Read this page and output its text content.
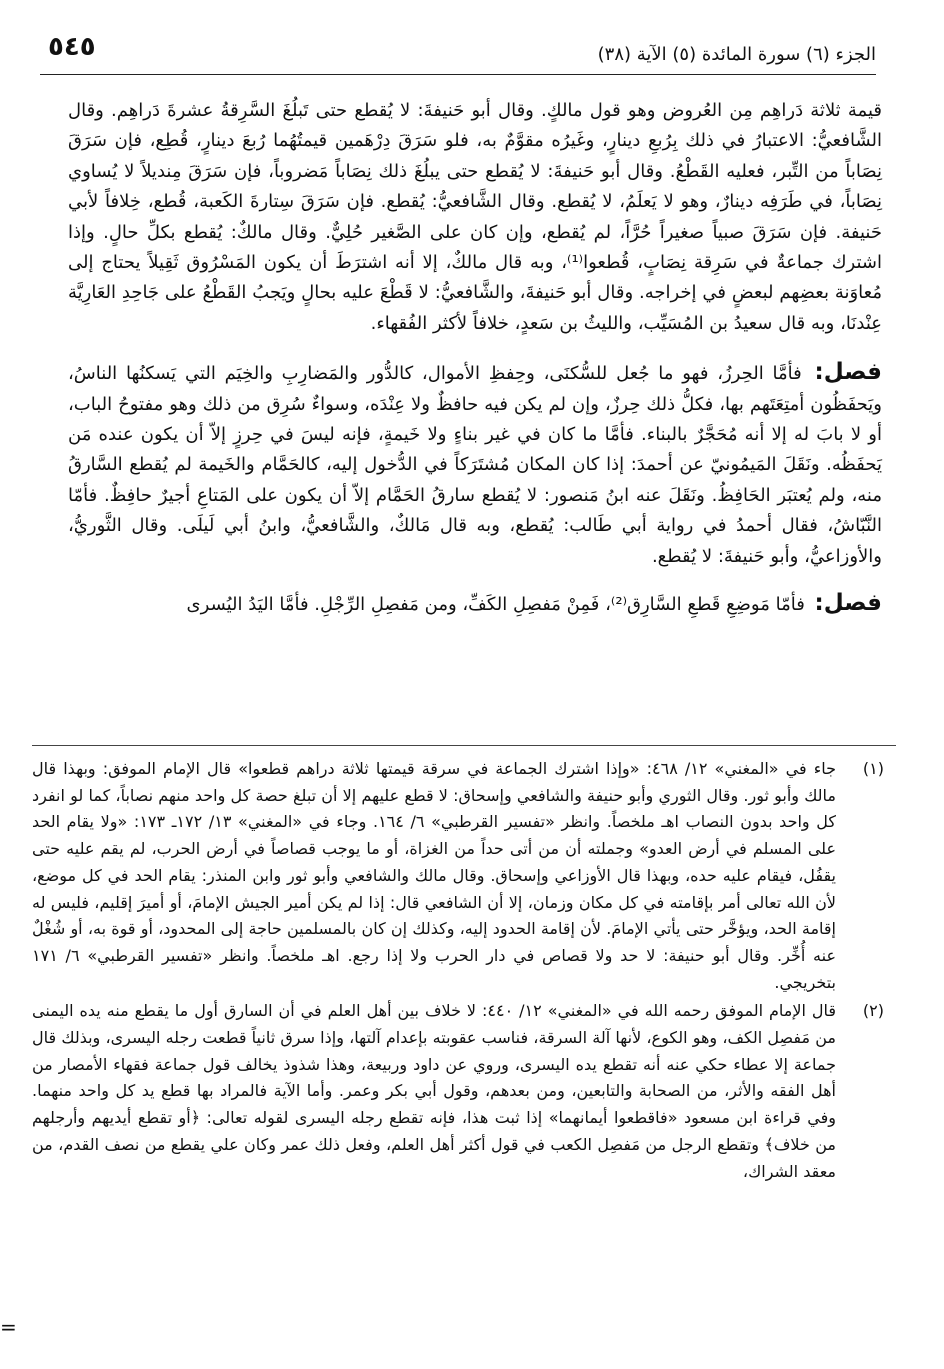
٥٤٥	الجزء (٦) سورة المائدة (٥) الآية (٣٨)

قيمة ثلاثة دَراهِم مِن العُروض وهو قول مالكٍ. وقال أبو حَنيفةَ: لا يُقطع حتى تَبلُغَ السَّرِقةُ عشرةَ دَراهِم. وقال الشَّافعيُّ: الاعتبارُ في ذلك بِرُبعِ دينارٍ، وغَيرُه مقوَّمٌ به، فلو سَرَقَ دِرْهَمين قيمتُهُما رُبعَ دينارٍ، قُطِع، فإن سَرَقَ نِصَاباً من التِّبر، فعليه القَطْعُ. وقال أبو حَنيفةَ: لا يُقطع حتى يبلُغَ ذلك نِصَاباً مَضروباً، فإن سَرَقَ مِنديلاً لا يُساوي نِصَاباً، في طَرَفِه دينارٌ، وهو لا يَعلَمُ، لا يُقطع. وقال الشَّافعيُّ: يُقطع. فإن سَرَقَ سِتارةَ الكَعبة، قُطع، خِلافاً لأبي حَنيفة. فإن سَرَقَ صبياً صغيراً حُرَّاً، لم يُقطع، وإن كان على الصَّغير حُلِيٌّ. وقال مالكٌ: يُقطع بكلِّ حالٍ. وإذا اشترك جماعةٌ في سَرِقة نِصَابٍ، قُطعوا⁽¹⁾، وبه قال مالكٌ، إلا أنه اشترَطَ أن يكون المَسْرُوق ثَقِيلاً يحتاج إلى مُعاوَنة بعضِهم لبعضٍ في إخراجه. وقال أبو حَنيفةَ، والشَّافعيُّ: لا قَطْعَ عليه بحالٍ ويَجبُ القَطْعُ على جَاحِدِ العَارِيَّة عِنْدنَا، وبه قال سعيدُ بن المُسَيِّب، والليثُ بن سَعدٍ، خلافاً لأكثر الفُقهاء.

فصل: فأمَّا الحِرزُ، فهو ما جُعل للسُّكنَى، وحِفظِ الأموال، كالدُّور والمَضارِبِ والخِيَم التي يَسكنُها الناسُ، ويَحفَظُون أمتِعَتَهم بها، فكلُّ ذلك حِرزٌ، وإن لم يكن فيه حافظٌ ولا عِنْدَه، وسواءٌ سُرِق من ذلك وهو مفتوحُ الباب، أو لا بابَ له إلا أنه مُحَجَّرٌ بالبناء. فأمَّا ما كان في غير بناءٍ ولا خَيمةٍ، فإنه ليسَ في حِرزٍ إلاّ أن يكون عنده مَن يَحفَظُه. ونَقَلَ المَيمُونيّ عن أحمدَ: إذا كان المكان مُشتَرَكاً في الدُّخول إليه، كالحَمَّام والخَيمة لم يُقطع السَّارقُ منه، ولم يُعتبَر الحَافِظُ. ونَقَلَ عنه ابنُ مَنصور: لا يُقطع سارقُ الحَمَّام إلاّ أن يكون على المَتاعِ أجيرٌ حافِظٌ. فأمّا النَّبّاشُ، فقال أحمدُ في رواية أبي طَالب: يُقطع، وبه قال مَالكٌ، والشَّافعيُّ، وابنُ أبي لَيلَى. وقال الثَّوريُّ، والأوزاعيُّ، وأبو حَنيفةَ: لا يُقطع.

فصل: فأمّا مَوضِعِ قَطعِ السَّارِق⁽²⁾، فَمِنْ مَفصِلِ الكَفِّ، ومن مَفصِلِ الرِّجْلِ. فأمَّا اليَدُ اليُسرى

(١)
جاء في «المغني» ١٢/ ٤٦٨: «وإذا اشترك الجماعة في سرقة قيمتها ثلاثة دراهم قطعوا» قال الإمام الموفق: وبهذا قال مالك وأبو ثور. وقال الثوري وأبو حنيفة والشافعي وإسحاق: لا قطع عليهم إلا أن تبلغ حصة كل واحد منهم نصاباً، كما لو انفرد كل واحد بدون النصاب اهـ ملخصاً. وانظر «تفسير القرطبي» ٦/ ١٦٤. وجاء في «المغني» ١٣/ ١٧٢ـ ١٧٣: «ولا يقام الحد على المسلم في أرض العدو» وجملته أن من أتى حداً من الغزاة، أو ما يوجب قصاصاً في أرض الحرب، لم يقم عليه حتى يقفُل، فيقام عليه حده، وبهذا قال الأوزاعي وإسحاق. وقال مالك والشافعي وأبو ثور وابن المنذر: يقام الحد في كل موضع، لأن الله تعالى أمر بإقامته في كل مكان وزمان، إلا أن الشافعي قال: إذا لم يكن أمير الجيش الإمامَ، أو أميرَ إقليم، فليس له إقامة الحد، ويؤخَّر حتى يأتي الإمامَ. لأن إقامة الحدود إليه، وكذلك إن كان بالمسلمين حاجة إلى المحدود، أو قوة به، أو شُغْلٌ عنه أُخِّر. وقال أبو حنيفة: لا حد ولا قصاص في دار الحرب ولا إذا رجع. اهـ ملخصاً. وانظر «تفسير القرطبي» ٦/ ١٧١ بتخريجي.
(٢)
قال الإمام الموفق رحمه الله في «المغني» ١٢/ ٤٤٠: لا خلاف بين أهل العلم في أن السارق أول ما يقطع منه يده اليمنى من مَفصِل الكف، وهو الكوع، لأنها آلة السرقة، فناسب عقوبته بإعدام آلتها، وإذا سرق ثانياً قطعت رجله اليسرى، وبذلك قال جماعة إلا عطاء حكي عنه أنه تقطع يده اليسرى، وروي عن داود وربيعة، وهذا شذوذ يخالف قول جماعة فقهاء الأمصار من أهل الفقه والأثر، من الصحابة والتابعين، ومن بعدهم، وقول أبي بكر وعمر. وأما الآية فالمراد بها قطع يد كل واحد منهما. وفي قراءة ابن مسعود «فاقطعوا أيمانهما» إذا ثبت هذا، فإنه تقطع رجله اليسرى لقوله تعالى: ﴿أو تقطع أيديهم وأرجلهم من خلاف﴾ وتقطع الرجل من مَفصِل الكعب في قول أكثر أهل العلم، وفعل ذلك عمر وكان علي يقطع من نصف القدم، من معقد الشراك،
=
